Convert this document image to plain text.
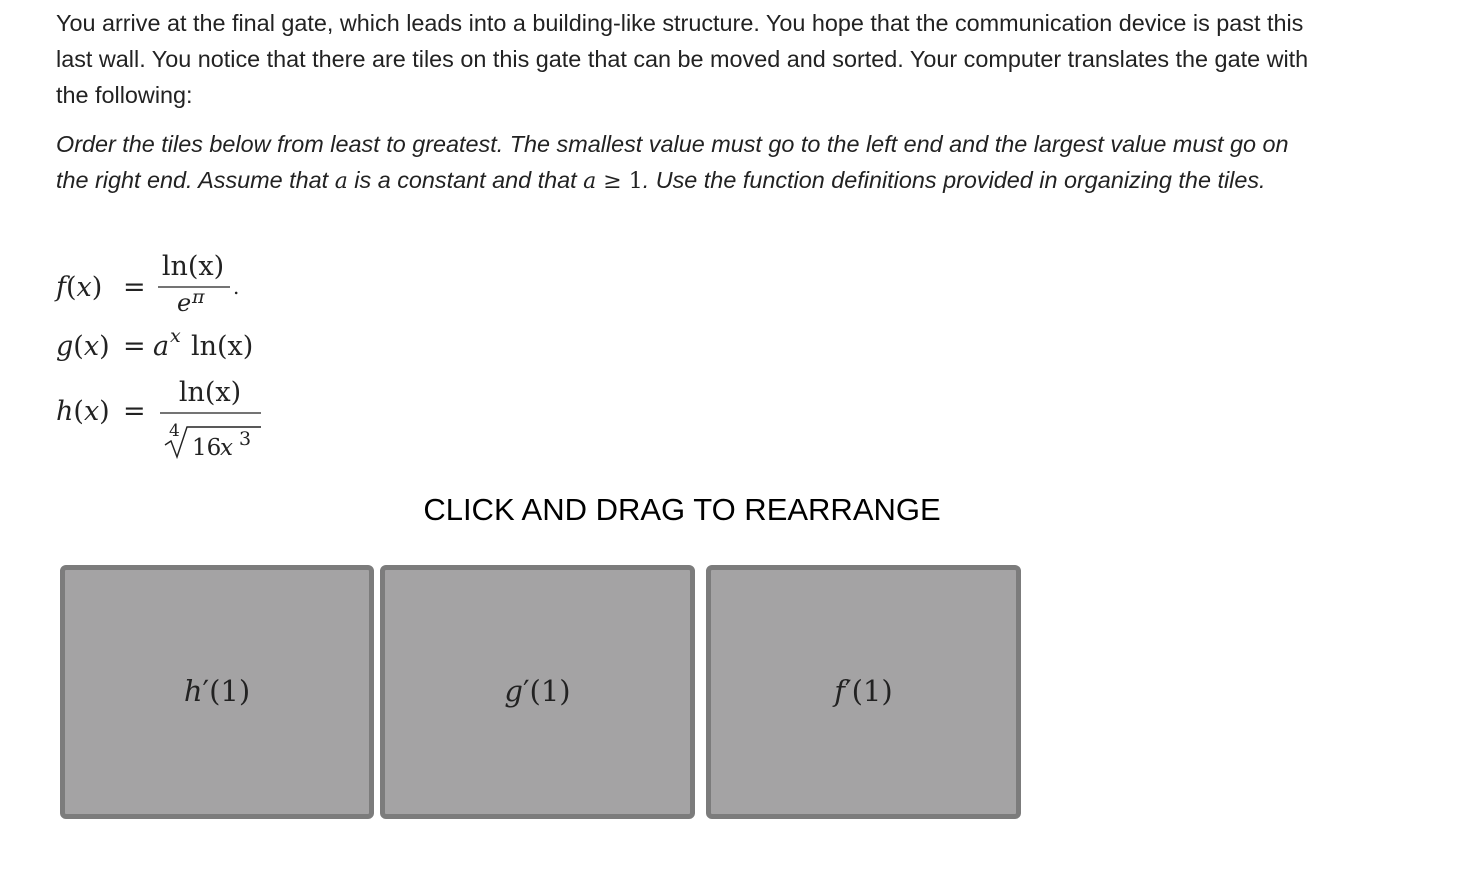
You arrive at the final gate, which leads into a building-like structure. You hope that the communication device is past this last wall. You notice that there are tiles on this gate that can be moved and sorted. Your computer translates the gate with the following:

Order the tiles below from least to greatest. The smallest value must go to the left end and the largest value must go on the right end. Assume that a is a constant and that a ≥ 1. Use the function definitions provided in organizing the tiles.

f(x) =
ln(x)
e π .
g(x) = a x ln(x)
h(x) =
ln(x)
4
16
x 3

CLICK AND DRAG TO REARRANGE

h′(1)	g′(1)	f′(1)
